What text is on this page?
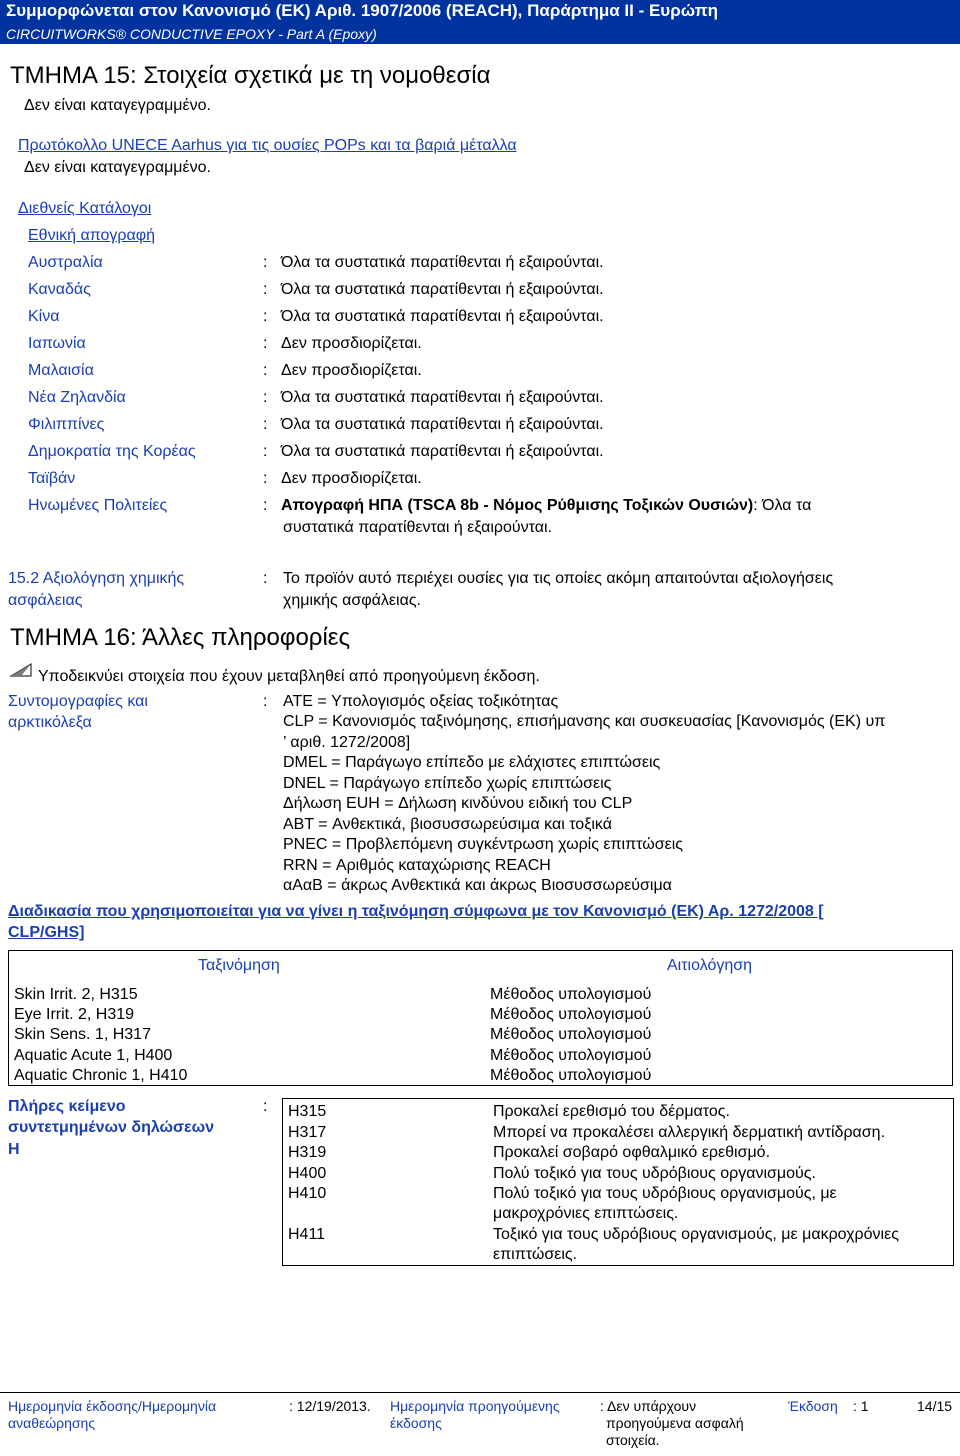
Συμμορφώνεται στον Κανονισμό (ΕΚ) Αριθ. 1907/2006 (REACH), Παράρτημα II - Ευρώπη
CIRCUITWORKS® CONDUCTIVE EPOXY - Part A (Epoxy)
ΤΜΗΜΑ 15: Στοιχεία σχετικά με τη νομοθεσία
Δεν είναι καταγεγραμμένο.
Πρωτόκολλο UNECE Aarhus για τις ουσίες POPs και τα βαριά μέταλλα
Δεν είναι καταγεγραμμένο.
Διεθνείς Κατάλογοι
Εθνική απογραφή
Αυστραλία	: Όλα τα συστατικά παρατίθενται ή εξαιρούνται.
Καναδάς	: Όλα τα συστατικά παρατίθενται ή εξαιρούνται.
Κίνα	: Όλα τα συστατικά παρατίθενται ή εξαιρούνται.
Ιαπωνία	: Δεν προσδιορίζεται.
Μαλαισία	: Δεν προσδιορίζεται.
Νέα Ζηλανδία	: Όλα τα συστατικά παρατίθενται ή εξαιρούνται.
Φιλιππίνες	: Όλα τα συστατικά παρατίθενται ή εξαιρούνται.
Δημοκρατία της Κορέας	: Όλα τα συστατικά παρατίθενται ή εξαιρούνται.
Ταϊβάν	: Δεν προσδιορίζεται.
Ηνωμένες Πολιτείες	: Απογραφή ΗΠΑ (TSCA 8b - Νόμος Ρύθμισης Τοξικών Ουσιών): Όλα τα
συστατικά παρατίθενται ή εξαιρούνται.
15.2 Αξιολόγηση χημικής
ασφάλειας
: Το προϊόν αυτό περιέχει ουσίες για τις οποίες ακόμη απαιτούνται αξιολογήσεις
χημικής ασφάλειας.
ΤΜΗΜΑ 16: Άλλες πληροφορίες
Υποδεικνύει στοιχεία που έχουν μεταβληθεί από προηγούμενη έκδοση.
Συντομογραφίες και
αρκτικόλεξα
: ATE = Υπολογισμός οξείας τοξικότητας
CLP = Κανονισμός ταξινόμησης, επισήμανσης και συσκευασίας [Κανονισμός (ΕΚ) υπ
’ αριθ. 1272/2008]
DMEL = Παράγωγο επίπεδο με ελάχιστες επιπτώσεις
DNEL = Παράγωγο επίπεδο χωρίς επιπτώσεις
Δήλωση EUH = Δήλωση κινδύνου ειδική του CLP
ABT = Ανθεκτικά, βιοσυσσωρεύσιμα και τοξικά
PNEC = Προβλεπόμενη συγκέντρωση χωρίς επιπτώσεις
RRN = Αριθμός καταχώρισης REACH
αAαB = άκρως Ανθεκτικά και άκρως Βιοσυσσωρεύσιμα
Διαδικασία που χρησιμοποιείται για να γίνει η ταξινόμηση σύμφωνα με τον Κανονισμό (ΕΚ) Αρ. 1272/2008 [
CLP/GHS]
Ταξινόμηση	Αιτιολόγηση
Skin Irrit. 2, H315	Μέθοδος υπολογισμού
Eye Irrit. 2, H319	Μέθοδος υπολογισμού
Skin Sens. 1, H317	Μέθοδος υπολογισμού
Aquatic Acute 1, H400	Μέθοδος υπολογισμού
Aquatic Chronic 1, H410	Μέθοδος υπολογισμού
Πλήρες κείμενο
συντετμημένων δηλώσεων
H
: H315	Προκαλεί ερεθισμό του δέρματος.
H317	Μπορεί να προκαλέσει αλλεργική δερματική αντίδραση.
H319	Προκαλεί σοβαρό οφθαλμικό ερεθισμό.
H400	Πολύ τοξικό για τους υδρόβιους οργανισμούς.
H410	Πολύ τοξικό για τους υδρόβιους οργανισμούς, με
μακροχρόνιες επιπτώσεις.
H411	Τοξικό για τους υδρόβιους οργανισμούς, με μακροχρόνιες
επιπτώσεις.
Ημερομηνία έκδοσης/Ημερομηνία
αναθεώρησης
: 12/19/2013. Ημερομηνία προηγούμενης
έκδοσης
: Δεν υπάρχουν
προηγούμενα ασφαλή
στοιχεία.
Έκδοση : 1	14/15
